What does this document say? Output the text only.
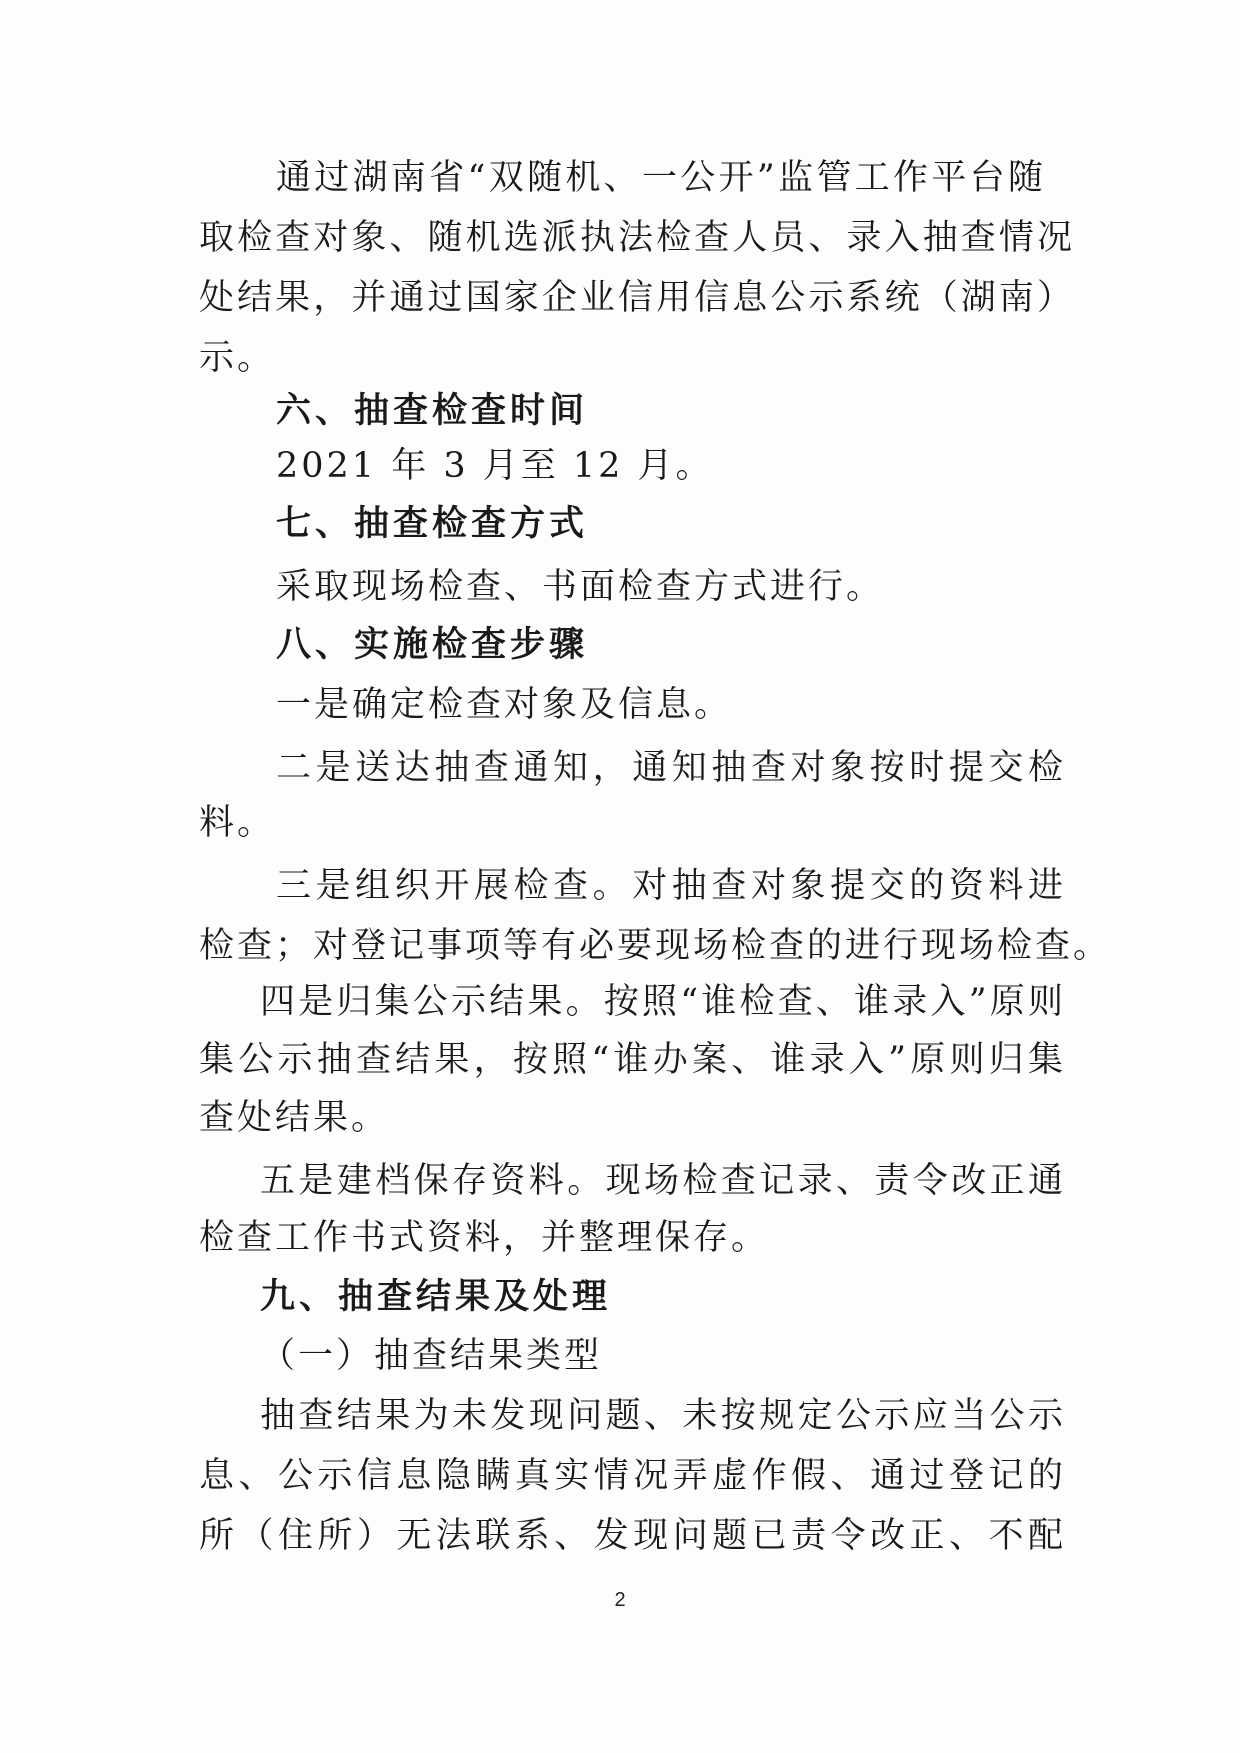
通过湖南省“双随机、一公开”监管工作平台随
取检查对象、随机选派执法检查人员、录入抽查情况
处结果，并通过国家企业信用信息公示系统（湖南）
示。
六、抽查检查时间
2021 年 3 月至 12 月。
七、抽查检查方式
采取现场检查、书面检查方式进行。
八、实施检查步骤
一是确定检查对象及信息。
二是送达抽查通知，通知抽查对象按时提交检
料。
三是组织开展检查。对抽查对象提交的资料进
检查；对登记事项等有必要现场检查的进行现场检查。
四是归集公示结果。按照“谁检查、谁录入”原则
集公示抽查结果，按照“谁办案、谁录入”原则归集
查处结果。
五是建档保存资料。现场检查记录、责令改正通
检查工作书式资料，并整理保存。
九、抽查结果及处理
（一）抽查结果类型
抽查结果为未发现问题、未按规定公示应当公示
息、公示信息隐瞒真实情况弄虚作假、通过登记的
所（住所）无法联系、发现问题已责令改正、不配
2
